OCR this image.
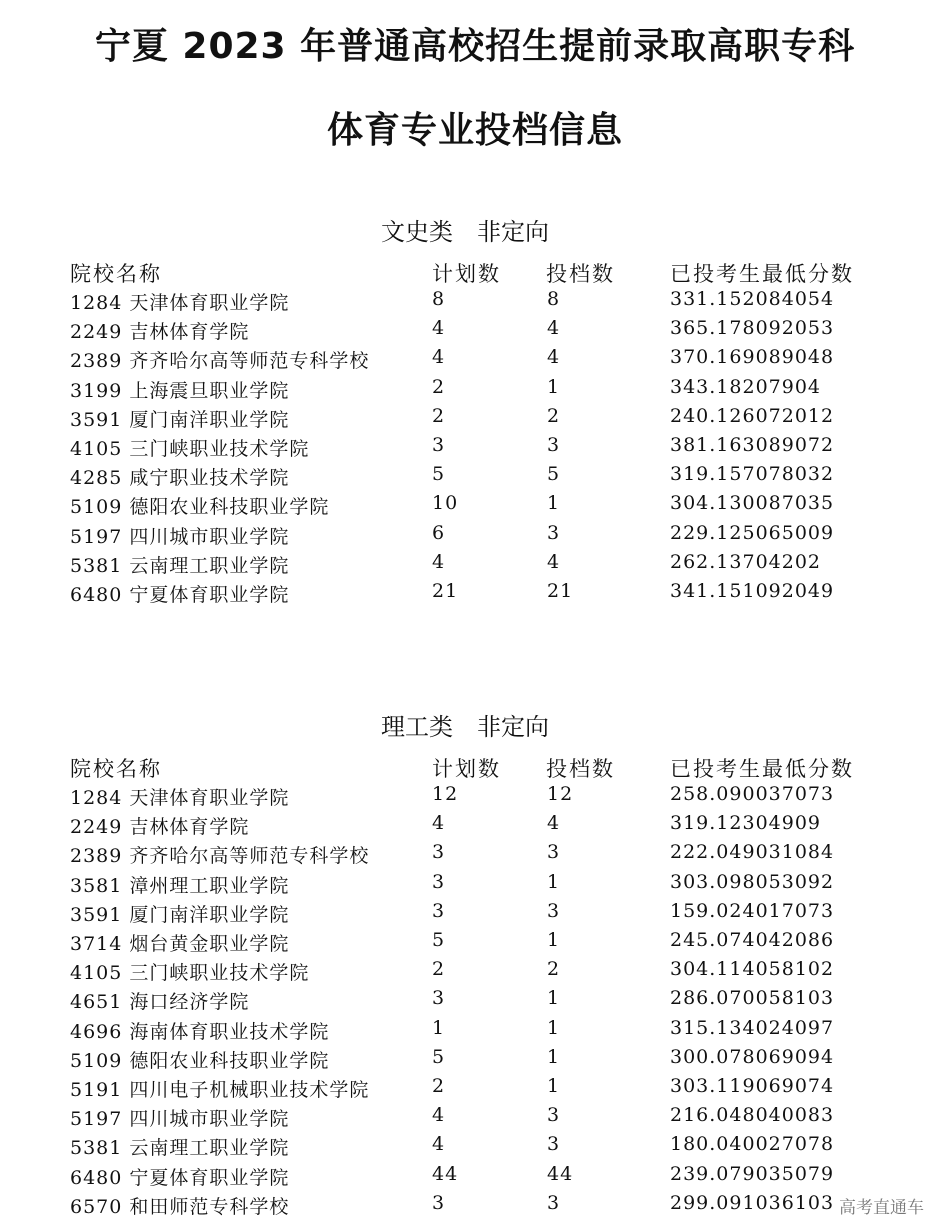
宁夏 2023 年普通高校招生提前录取高职专科
体育专业投档信息
文史类　非定向
院校名称	计划数 投档数	已投考生最低分数
1284 天津体育职业学院	8	8	331.152084054
2249 吉林体育学院	4	4	365.178092053
2389 齐齐哈尔高等师范专科学校	4	4	370.169089048
3199 上海震旦职业学院	2	1	343.18207904
3591 厦门南洋职业学院	2	2	240.126072012
4105 三门峡职业技术学院	3	3	381.163089072
4285 咸宁职业技术学院	5	5	319.157078032
5109 德阳农业科技职业学院	10	1	304.130087035
5197 四川城市职业学院	6	3	229.125065009
5381 云南理工职业学院	4	4	262.13704202
6480 宁夏体育职业学院	21	21	341.151092049
理工类　非定向
院校名称	计划数 投档数	已投考生最低分数
1284 天津体育职业学院	12	12	258.090037073
2249 吉林体育学院	4	4	319.12304909
2389 齐齐哈尔高等师范专科学校	3	3	222.049031084
3581 漳州理工职业学院	3	1	303.098053092
3591 厦门南洋职业学院	3	3	159.024017073
3714 烟台黄金职业学院	5	1	245.074042086
4105 三门峡职业技术学院	2	2	304.114058102
4651 海口经济学院	3	1	286.070058103
4696 海南体育职业技术学院	1	1	315.134024097
5109 德阳农业科技职业学院	5	1	300.078069094
5191 四川电子机械职业技术学院	2	1	303.119069074
5197 四川城市职业学院	4	3	216.048040083
5381 云南理工职业学院	4	3	180.040027078
6480 宁夏体育职业学院	44	44	239.079035079
6570 和田师范专科学校	3	3	299.091036103 高考直通车
